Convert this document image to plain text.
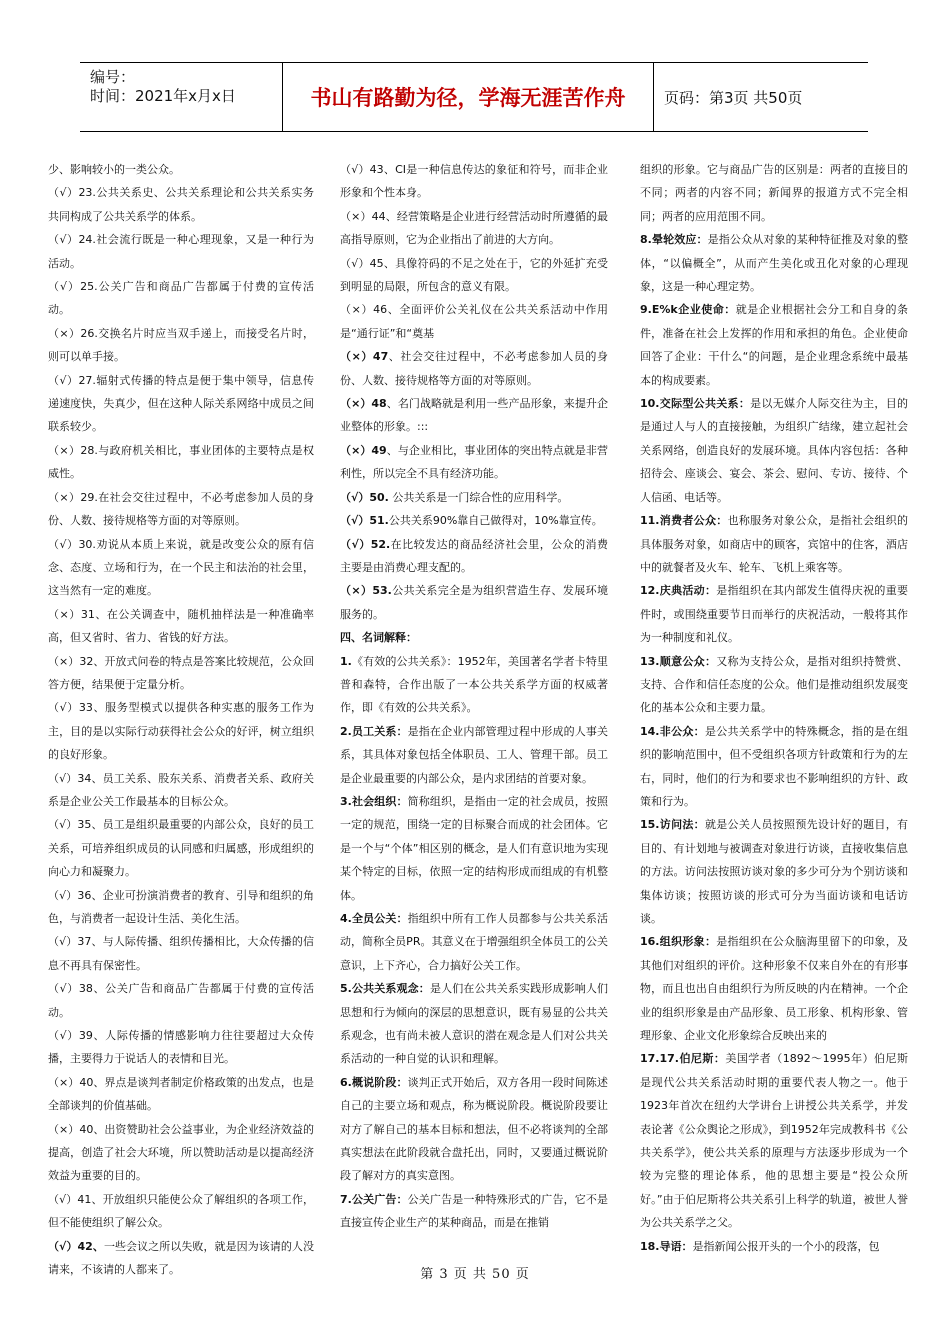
编号：
时间：2021年x月x日	书山有路勤为径，学海无涯苦作舟	页码：第3页 共50页

少、影响较小的一类公众。

（√）23.公共关系史、公共关系理论和公共关系实务共同构成了公共关系学的体系。

（√）24.社会流行既是一种心理现象，又是一种行为活动。

（√）25.公关广告和商品广告都属于付费的宣传活动。

（×）26.交换名片时应当双手递上，而接受名片时，则可以单手接。

（√）27.辐射式传播的特点是便于集中领导，信息传递速度快，失真少，但在这种人际关系网络中成员之间联系较少。

（×）28.与政府机关相比，事业团体的主要特点是权威性。

（×）29.在社会交往过程中，不必考虑参加人员的身份、人数、接待规格等方面的对等原则。

（√）30.劝说从本质上来说，就是改变公众的原有信念、态度、立场和行为，在一个民主和法治的社会里，这当然有一定的难度。

（×）31、在公关调查中，随机抽样法是一种准确率高，但又省时、省力、省钱的好方法。

（×）32、开放式问卷的特点是答案比较规范，公众回答方便，结果便于定量分析。

（√）33、服务型模式以提供各种实惠的服务工作为主，目的是以实际行动获得社会公众的好评，树立组织的良好形象。

（√）34、员工关系、股东关系、消费者关系、政府关系是企业公关工作最基本的目标公众。

（√）35、员工是组织最重要的内部公众，良好的员工关系，可培养组织成员的认同感和归属感，形成组织的向心力和凝聚力。

（√）36、企业可扮演消费者的教育、引导和组织的角色，与消费者一起设计生活、美化生活。

（√）37、与人际传播、组织传播相比，大众传播的信息不再具有保密性。

（√）38、公关广告和商品广告都属于付费的宣传活动。

（√）39、人际传播的情感影响力往往要超过大众传播，主要得力于说话人的表情和目光。

（×）40、界点是谈判者制定价格政策的出发点，也是全部谈判的价值基础。

（×）40、出资赞助社会公益事业，为企业经济效益的提高，创造了社会大环境，所以赞助活动是以提高经济效益为重要的目的。

（√）41、开放组织只能使公众了解组织的各项工作，但不能使组织了解公众。

（√）42、一些会议之所以失败，就是因为该请的人没请来，不该请的人都来了。

（√）43、CI是一种信息传达的象征和符号，而非企业形象和个性本身。

（×）44、经营策略是企业进行经营活动时所遵循的最高指导原则，它为企业指出了前进的大方向。

（√）45、具像符码的不足之处在于，它的外延扩充受到明显的局限，所包含的意义有限。

（×）46、全面评价公关礼仪在公共关系活动中作用是“通行证”和“奠基

（×）47、社会交往过程中，不必考虑参加人员的身份、人数、接待规格等方面的对等原则。

（×）48、名门战略就是利用一些产品形象，来提升企业整体的形象。:::

（×）49、与企业相比，事业团体的突出特点就是非营利性，所以完全不具有经济功能。

（√）50. 公共关系是一门综合性的应用科学。

（√）51.公共关系90%靠自己做得对，10%靠宣传。

（√）52.在比较发达的商品经济社会里，公众的消费主要是由消费心理支配的。

（×）53.公共关系完全是为组织营造生存、发展环境服务的。

四、名词解释：

1.《有效的公共关系》：1952年，美国著名学者卡特里普和森特，合作出版了一本公共关系学方面的权威著作，即《有效的公共关系》。

2.员工关系：是指在企业内部管理过程中形成的人事关系，其具体对象包括全体职员、工人、管理干部。员工是企业最重要的内部公众，是内求团结的首要对象。

3.社会组织：简称组织，是指由一定的社会成员，按照一定的规范，围绕一定的目标聚合而成的社会团体。它是一个与“个体”相区别的概念，是人们有意识地为实现某个特定的目标，依照一定的结构形成而组成的有机整体。

4.全员公关：指组织中所有工作人员都参与公共关系活动，简称全员PR。其意义在于增强组织全体员工的公关意识，上下齐心，合力搞好公关工作。

5.公共关系观念：是人们在公共关系实践形成影响人们思想和行为倾向的深层的思想意识，既有易显的公共关系观念，也有尚未被人意识的潜在观念是人们对公共关系活动的一种自觉的认识和理解。

6.概说阶段：谈判正式开始后，双方各用一段时间陈述自己的主要立场和观点，称为概说阶段。概说阶段要让对方了解自己的基本目标和想法，但不必将谈判的全部真实想法在此阶段就合盘托出，同时，又要通过概说阶段了解对方的真实意图。

7.公关广告：公关广告是一种特殊形式的广告，它不是直接宣传企业生产的某种商品，而是在推销

组织的形象。它与商品广告的区别是：两者的直接目的不同；两者的内容不同；新闻界的报道方式不完全相同；两者的应用范围不同。

8.晕轮效应：是指公众从对象的某种特征推及对象的整体，“以偏概全”，从而产生美化或丑化对象的心理现象，这是一种心理定势。

9.E%k企业使命：就是企业根据社会分工和自身的条件，准备在社会上发挥的作用和承担的角色。企业使命回答了企业：干什么“的问题，是企业理念系统中最基本的构成要素。

10.交际型公共关系：是以无媒介人际交往为主，目的是通过人与人的直接接触，为组织广结缘，建立起社会关系网络，创造良好的发展环境。具体内容包括：各种招待会、座谈会、宴会、茶会、慰问、专访、接待、个人信函、电话等。

11.消费者公众：也称服务对象公众，是指社会组织的具体服务对象，如商店中的顾客，宾馆中的住客，酒店中的就餐者及火车、轮车、飞机上乘客等。

12.庆典活动：是指组织在其内部发生值得庆祝的重要件时，或围绕重要节日而举行的庆祝活动，一般将其作为一种制度和礼仪。

13.顺意公众：又称为支持公众，是指对组织持赞赏、支持、合作和信任态度的公众。他们是推动组织发展变化的基本公众和主要力量。

14.非公众：是公共关系学中的特殊概念，指的是在组织的影响范围中，但不受组织各项方针政策和行为的左右，同时，他们的行为和要求也不影响组织的方针、政策和行为。

15.访问法：就是公关人员按照预先设计好的题目，有目的、有计划地与被调查对象进行访谈，直接收集信息的方法。访问法按照访谈对象的多少可分为个别访谈和集体访谈；按照访谈的形式可分为当面访谈和电话访谈。

16.组织形象：是指组织在公众脑海里留下的印象，及其他们对组织的评价。这种形象不仅来自外在的有形事物，而且也出自由组织行为所反映的内在精神。一个企业的组织形象是由产品形象、员工形象、机构形象、管理形象、企业文化形象综合反映出来的

17.17.伯尼斯：美国学者（1892～1995年）伯尼斯是现代公共关系活动时期的重要代表人物之一。他于1923年首次在纽约大学讲台上讲授公共关系学，并发表论著《公众舆论之形成》，到1952年完成教科书《公共关系学》，使公共关系的原理与方法逐步形成为一个较为完整的理论体系，他的思想主要是“投公众所好。”由于伯尼斯将公共关系引上科学的轨道，被世人誉为公共关系学之父。

18.导语：是指新闻公报开头的一个小的段落，包

第 3 页 共 50 页
